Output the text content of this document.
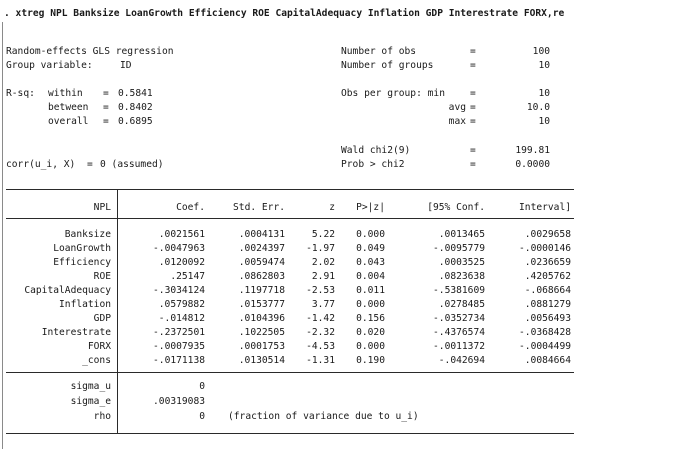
. xtreg NPL Banksize LoanGrowth Efficiency ROE CapitalAdequacy Inflation GDP Interestrate FORX,re
Random-effects GLS regression
Group variable:	ID
Number of obs	=	100
Number of groups	=	10
R-sq: within = 0.5841
between = 0.8402
overall = 0.6895
Obs per group: min	=	10
avg =	10.0
max =	10
Wald chi2(9)	=	199.81
corr(u_i, X) = 0 (assumed)	Prob > chi2	=	0.0000
NPL	Coef.	Std. Err.	z	P>|z|	[95% Conf.	Interval]
Banksize	.0021561	.0004131	5.22	0.000	.0013465	.0029658
LoanGrowth	-.0047963	.0024397	-1.97	0.049	-.0095779	-.0000146
Efficiency	.0120092	.0059474	2.02	0.043	.0003525	.0236659
ROE	.25147	.0862803	2.91	0.004	.0823638	.4205762
CapitalAdequacy	-.3034124	.1197718	-2.53	0.011	-.5381609	-.068664
Inflation	.0579882	.0153777	3.77	0.000	.0278485	.0881279
GDP	-.014812	.0104396	-1.42	0.156	-.0352734	.0056493
Interestrate	-.2372501	.1022505	-2.32	0.020	-.4376574	-.0368428
FORX	-.0007935	.0001753	-4.53	0.000	-.0011372	-.0004499
_cons	-.0171138	.0130514	-1.31	0.190	-.042694	.0084664
sigma_u	0
sigma_e	.00319083
rho	0 (fraction of variance due to u_i)
